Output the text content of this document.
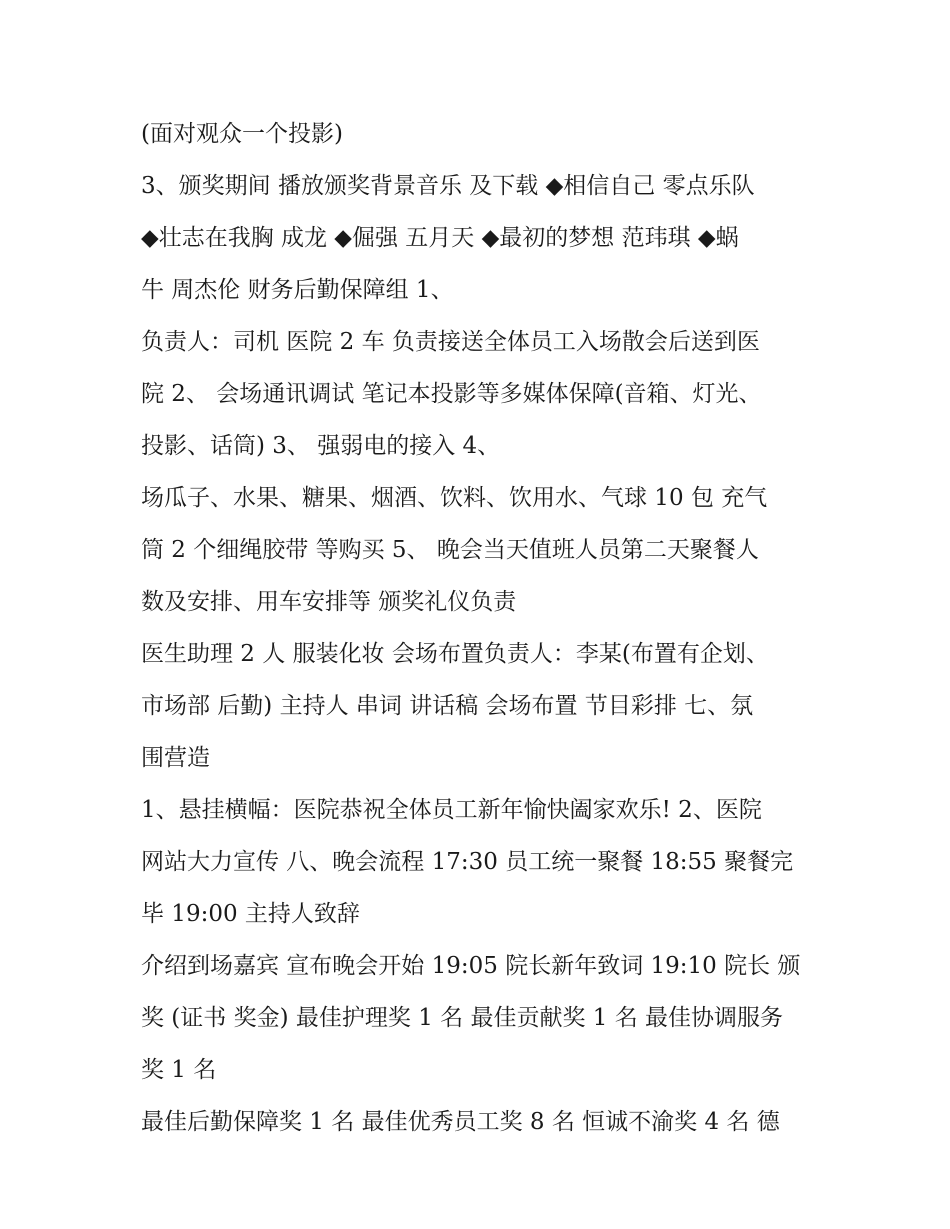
(面对观众一个投影)
3、颁奖期间 播放颁奖背景音乐 及下载 ◆相信自己 零点乐队
◆壮志在我胸 成龙 ◆倔强 五月天 ◆最初的梦想 范玮琪 ◆蜗
牛 周杰伦 财务后勤保障组 1、
负责人：司机 医院 2 车 负责接送全体员工入场散会后送到医
院 2、 会场通讯调试 笔记本投影等多媒体保障(音箱、灯光、
投影、话筒) 3、 强弱电的接入 4、
场瓜子、水果、糖果、烟酒、饮料、饮用水、气球 10 包 充气
筒 2 个细绳胶带 等购买 5、 晚会当天值班人员第二天聚餐人
数及安排、用车安排等 颁奖礼仪负责
医生助理 2 人 服装化妆 会场布置负责人：李某(布置有企划、
市场部 后勤) 主持人 串词 讲话稿 会场布置 节目彩排 七、氛
围营造
1、悬挂横幅：医院恭祝全体员工新年愉快阖家欢乐! 2、医院
网站大力宣传 八、晚会流程 17:30 员工统一聚餐 18:55 聚餐完
毕 19:00 主持人致辞
介绍到场嘉宾 宣布晚会开始 19:05 院长新年致词 19:10 院长 颁
奖 (证书 奖金) 最佳护理奖 1 名 最佳贡献奖 1 名 最佳协调服务
奖 1 名
最佳后勤保障奖 1 名 最佳优秀员工奖 8 名 恒诚不渝奖 4 名 德
